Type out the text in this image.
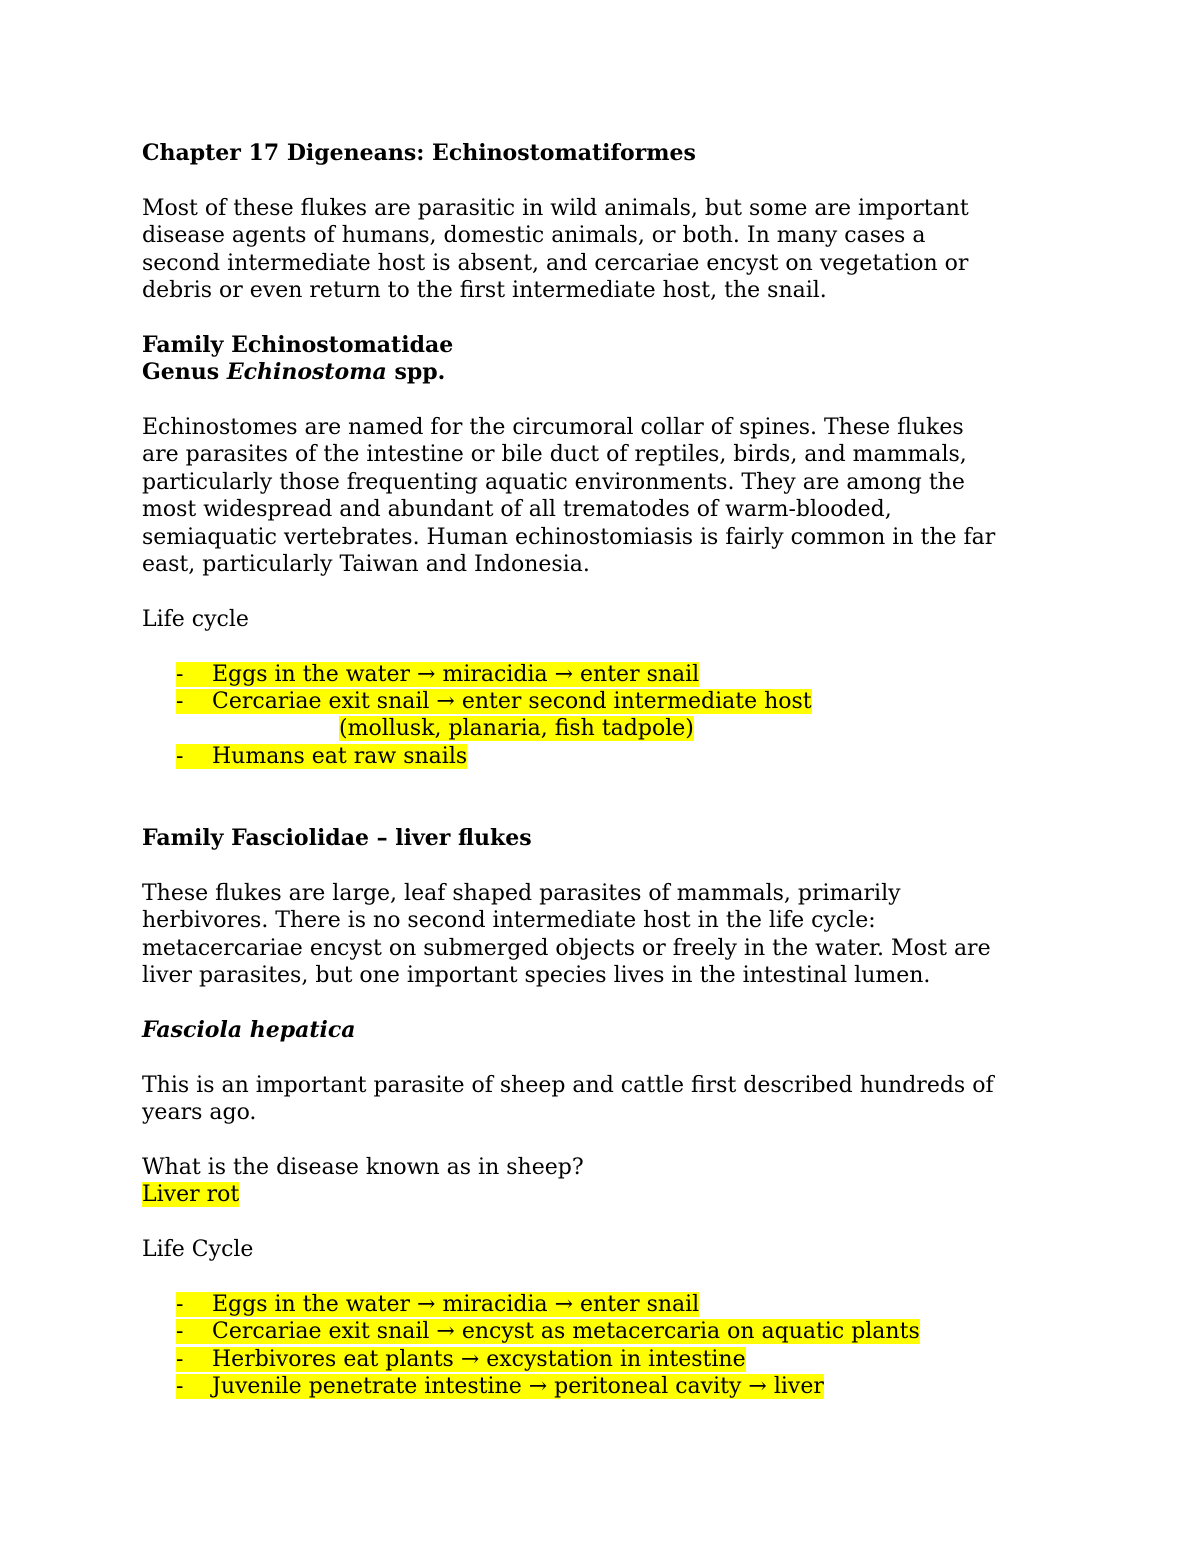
Chapter 17 Digeneans: Echinostomatiformes

Most of these flukes are parasitic in wild animals, but some are important

disease agents of humans, domestic animals, or both. In many cases a

second intermediate host is absent, and cercariae encyst on vegetation or

debris or even return to the first intermediate host, the snail.

Family Echinostomatidae

Genus Echinostoma spp.

Echinostomes are named for the circumoral collar of spines. These flukes

are parasites of the intestine or bile duct of reptiles, birds, and mammals,

particularly those frequenting aquatic environments. They are among the

most widespread and abundant of all trematodes of warm-blooded,

semiaquatic vertebrates. Human echinostomiasis is fairly common in the far

east, particularly Taiwan and Indonesia.

Life cycle

- Eggs in the water → miracidia → enter snail
- Cercariae exit snail → enter second intermediate host
(mollusk, planaria, fish tadpole)
- Humans eat raw snails

Family Fasciolidae – liver flukes

These flukes are large, leaf shaped parasites of mammals, primarily

herbivores. There is no second intermediate host in the life cycle:

metacercariae encyst on submerged objects or freely in the water. Most are

liver parasites, but one important species lives in the intestinal lumen.

Fasciola hepatica

This is an important parasite of sheep and cattle first described hundreds of

years ago.

What is the disease known as in sheep?

Liver rot

Life Cycle

- Eggs in the water → miracidia → enter snail
- Cercariae exit snail → encyst as metacercaria on aquatic plants
- Herbivores eat plants → excystation in intestine
- Juvenile penetrate intestine → peritoneal cavity → liver
